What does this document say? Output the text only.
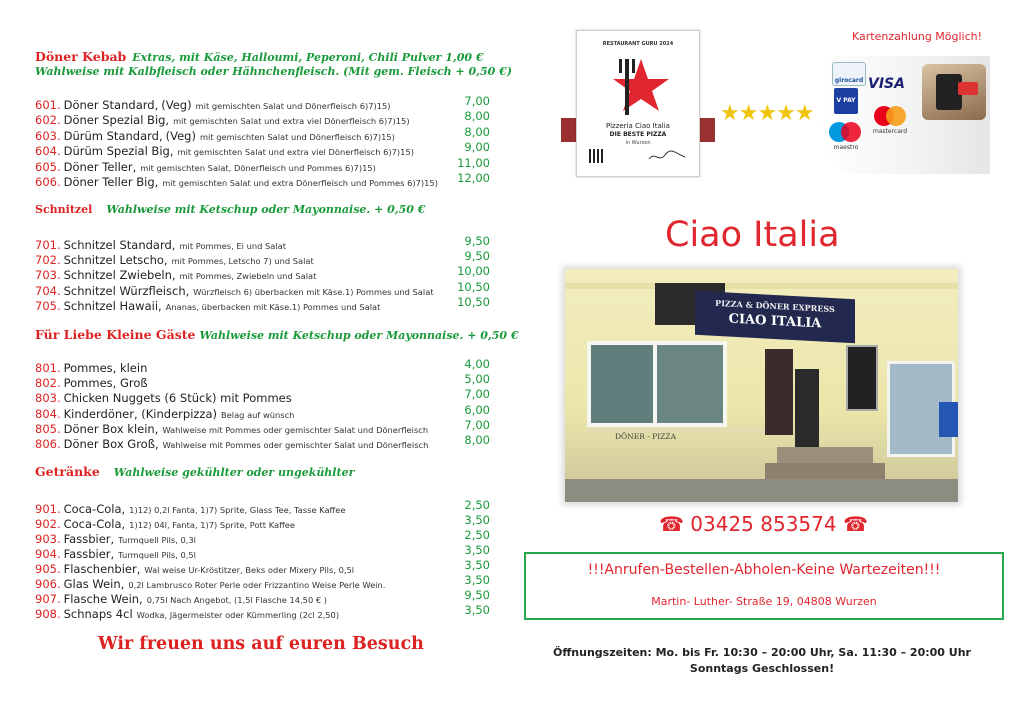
Döner Kebab Extras, mit Käse, Halloumi, Peperoni, Chili Pulver 1,00 €
Wahlweise mit Kalbfleisch oder Hähnchenfleisch. (Mit gem. Fleisch + 0,50 €)
601. Döner Standard, (Veg) mit gemischten Salat und Dönerfleisch 6)7)15)	7,00
602. Döner Spezial Big, mit gemischten Salat und extra viel Dönerfleisch 6)7)15)	8,00
603. Dürüm Standard, (Veg) mit gemischten Salat und Dönerfleisch 6)7)15)	8,00
604. Dürüm Spezial Big, mit gemischten Salat und extra viel Dönerfleisch 6)7)15)	9,00
605. Döner Teller, mit gemischten Salat, Dönerfleisch und Pommes 6)7)15)	11,00
606. Döner Teller Big, mit gemischten Salat und extra Dönerfleisch und Pommes 6)7)15) 12,00
Schnitzel Wahlweise mit Ketschup oder Mayonnaise. + 0,50 €
701. Schnitzel Standard, mit Pommes, Ei und Salat	9,50
702. Schnitzel Letscho, mit Pommes, Letscho 7) und Salat	9,50
703. Schnitzel Zwiebeln, mit Pommes, Zwiebeln und Salat	10,00
704. Schnitzel Würzfleisch, Würzfleisch 6) überbacken mit Käse.1) Pommes und Salat 10,50
705. Schnitzel Hawaii, Ananas, überbacken mit Käse.1) Pommes und Salat	10,50
Für Liebe Kleine Gäste Wahlweise mit Ketschup oder Mayonnaise. + 0,50 €
801. Pommes, klein	4,00
802. Pommes, Groß	5,00
803. Chicken Nuggets (6 Stück) mit Pommes	7,00
804. Kinderdöner, (Kinderpizza) Belag auf wünsch	6,00
805. Döner Box klein, Wahlweise mit Pommes oder gemischter Salat und Dönerfleisch	7,00
806. Döner Box Groß, Wahlweise mit Pommes oder gemischter Salat und Dönerfleisch	8,00
Getränke Wahlweise gekühlter oder ungekühlter
901. Coca-Cola, 1)12) 0,2l Fanta, 1)7) Sprite, Glass Tee, Tasse Kaffee	2,50
902. Coca-Cola, 1)12) 04l, Fanta, 1)7) Sprite, Pott Kaffee	3,50
903. Fassbier, Turmquell Pils, 0,3l	2,50
904. Fassbier, Turmquell Pils, 0,5l	3,50
905. Flaschenbier, Wal weise Ur-Kröstitzer, Beks oder Mixery Pils, 0,5l	3,50
906. Glas Wein, 0,2l Lambrusco Roter Perle oder Frizzantino Weise Perle Wein.	3,50
907. Flasche Wein, 0,75l Nach Angebot, (1,5l Flasche 14,50 € )	9,50
908. Schnaps 4cl Wodka, Jägermeister oder Kümmerling (2cl 2,50)	3,50
Wir freuen uns auf euren Besuch
RESTAURANT GURU 2024
Pizzeria Ciao Italia
DIE BESTE PIZZA
in Wurzen
★★★★★
Kartenzahlung Möglich!
girocard VISA
V PAY
mastercard
maestro
Ciao Italia
PIZZA & DÖNER EXPRESS
CIAO ITALIA
DÖNER - PIZZA
☎ 03425 853574 ☎
!!!Anrufen-Bestellen-Abholen-Keine Wartezeiten!!!
Martin- Luther- Straße 19, 04808 Wurzen
Öffnungszeiten: Mo. bis Fr. 10:30 – 20:00 Uhr, Sa. 11:30 – 20:00 Uhr
Sonntags Geschlossen!
